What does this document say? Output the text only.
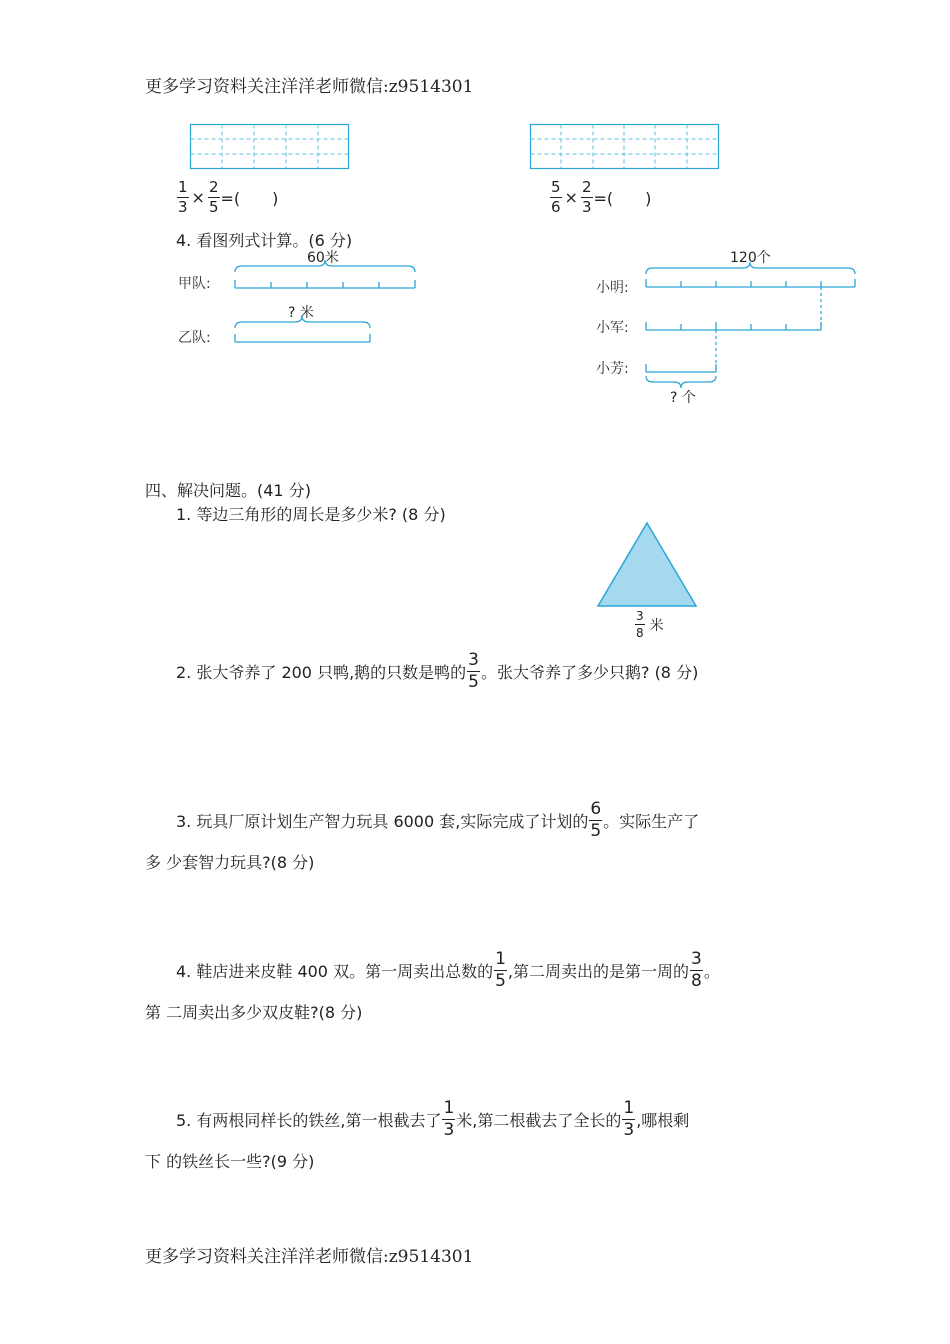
更多学习资料关注洋洋老师微信:z9514301
$\frac{1}{3} \times \frac{2}{5}$ =(　　)	$\frac{5}{6} \times \frac{2}{3}$ =(　　)
4. 看图列式计算。(6 分)
60米
甲队:
乙队:
? 米
120个
小明:
小军:
小芳:
? 个
四、解决问题。(41 分)
1. 等边三角形的周长是多少米? (8 分)
$\frac{3}{8}$ 米
2. 张大爷养了 200 只鸭,鹅的只数是鸭的 $\frac{3}{5}$ 。张大爷养了多少只鹅? (8 分)
3. 玩具厂原计划生产智力玩具 6000 套,实际完成了计划的 $\frac{6}{5}$ 。实际生产了
多 少套智力玩具?(8 分)
4. 鞋店进来皮鞋 400 双。第一周卖出总数的 $\frac{1}{5}$ ,第二周卖出的是第一周的 $\frac{3}{8}$ 。
第 二周卖出多少双皮鞋?(8 分)
5. 有两根同样长的铁丝,第一根截去了 $\frac{1}{3}$ 米,第二根截去了全长的 $\frac{1}{3}$ ,哪根剩
下 的铁丝长一些?(9 分)
更多学习资料关注洋洋老师微信:z9514301
